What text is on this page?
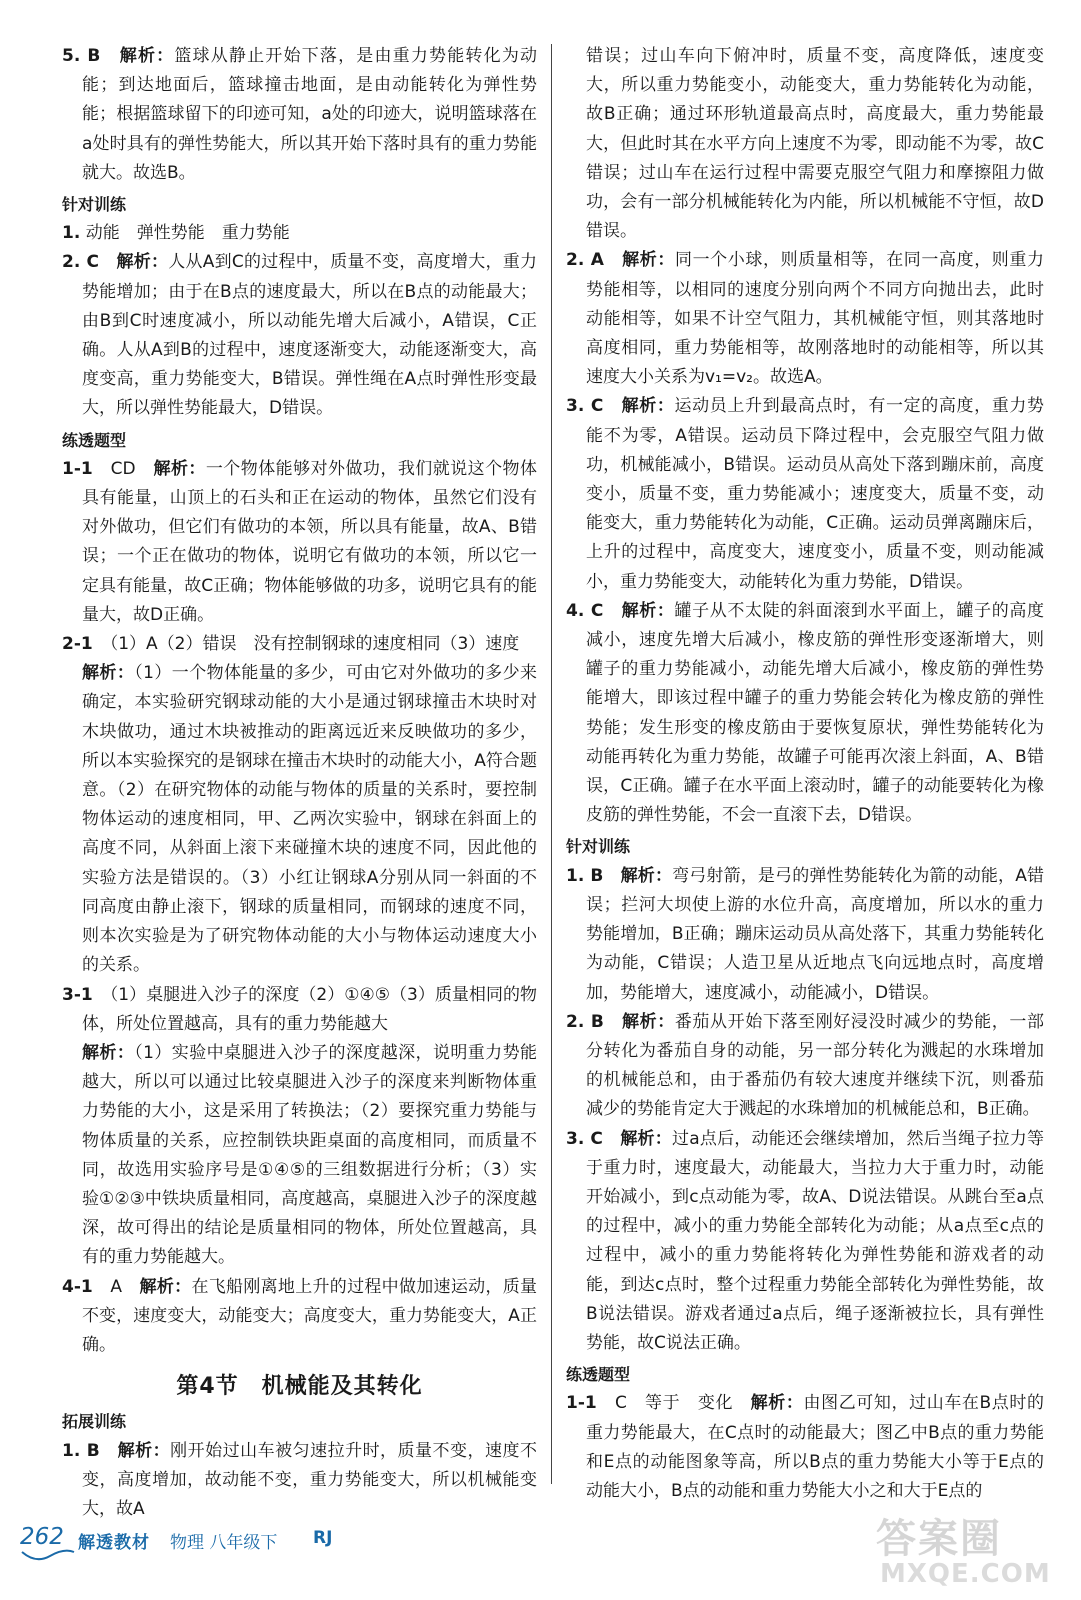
5. B　 解析：篮球从静止开始下落，是由重力势能转化为动能；到达地面后，篮球撞击地面，是由动能转化为弹性势能；根据篮球留下的印迹可知，a处的印迹大，说明篮球落在a处时具有的弹性势能大，所以其开始下落时具有的重力势能就大。故选B。

针对训练

1. 动能　弹性势能　重力势能

2. C　 解析：人从A到C的过程中，质量不变，高度增大，重力势能增加；由于在B点的速度最大，所以在B点的动能最大；由B到C时速度减小，所以动能先增大后减小，A错误，C正确。人从A到B的过程中，速度逐渐变大，动能逐渐变大，高度变高，重力势能变大，B错误。弹性绳在A点时弹性形变最大，所以弹性势能最大，D错误。

练透题型

1-1　 CD　 解析：一个物体能够对外做功，我们就说这个物体具有能量，山顶上的石头和正在运动的物体，虽然它们没有对外做功，但它们有做功的本领，所以具有能量，故A、B错误；一个正在做功的物体，说明它有做功的本领，所以它一定具有能量，故C正确；物体能够做的功多，说明它具有的能量大，故D正确。

2-1　 （1）A（2）错误　没有控制钢球的速度相同（3）速度

解析：（1）一个物体能量的多少，可由它对外做功的多少来确定，本实验研究钢球动能的大小是通过钢球撞击木块时对木块做功，通过木块被推动的距离远近来反映做功的多少，所以本实验探究的是钢球在撞击木块时的动能大小，A符合题意。（2）在研究物体的动能与物体的质量的关系时，要控制物体运动的速度相同，甲、乙两次实验中，钢球在斜面上的高度不同，从斜面上滚下来碰撞木块的速度不同，因此他的实验方法是错误的。（3）小红让钢球A分别从同一斜面的不同高度由静止滚下，钢球的质量相同，而钢球的速度不同，则本次实验是为了研究物体动能的大小与物体运动速度大小的关系。

3-1　 （1）桌腿进入沙子的深度（2）①④⑤（3）质量相同的物体，所处位置越高，具有的重力势能越大

解析：（1）实验中桌腿进入沙子的深度越深，说明重力势能越大，所以可以通过比较桌腿进入沙子的深度来判断物体重力势能的大小，这是采用了转换法；（2）要探究重力势能与物体质量的关系，应控制铁块距桌面的高度相同，而质量不同，故选用实验序号是①④⑤的三组数据进行分析；（3）实验①②③中铁块质量相同，高度越高，桌腿进入沙子的深度越深，故可得出的结论是质量相同的物体，所处位置越高，具有的重力势能越大。

4-1　 A　 解析：在飞船刚离地上升的过程中做加速运动，质量不变，速度变大，动能变大；高度变大，重力势能变大，A正确。

第4节　机械能及其转化

拓展训练

1. B　 解析：刚开始过山车被匀速拉升时，质量不变，速度不变，高度增加，故动能不变，重力势能变大，所以机械能变大，故A

错误；过山车向下俯冲时，质量不变，高度降低，速度变大，所以重力势能变小，动能变大，重力势能转化为动能，故B正确；通过环形轨道最高点时，高度最大，重力势能最大，但此时其在水平方向上速度不为零，即动能不为零，故C错误；过山车在运行过程中需要克服空气阻力和摩擦阻力做功，会有一部分机械能转化为内能，所以机械能不守恒，故D错误。

2. A　 解析：同一个小球，则质量相等，在同一高度，则重力势能相等，以相同的速度分别向两个不同方向抛出去，此时动能相等，如果不计空气阻力，其机械能守恒，则其落地时高度相同，重力势能相等，故刚落地时的动能相等，所以其速度大小关系为v₁=v₂。故选A。

3. C　 解析：运动员上升到最高点时，有一定的高度，重力势能不为零，A错误。运动员下降过程中，会克服空气阻力做功，机械能减小，B错误。运动员从高处下落到蹦床前，高度变小，质量不变，重力势能减小；速度变大，质量不变，动能变大，重力势能转化为动能，C正确。运动员弹离蹦床后，上升的过程中，高度变大，速度变小，质量不变，则动能减小，重力势能变大，动能转化为重力势能，D错误。

4. C　 解析：罐子从不太陡的斜面滚到水平面上，罐子的高度减小，速度先增大后减小，橡皮筋的弹性形变逐渐增大，则罐子的重力势能减小，动能先增大后减小，橡皮筋的弹性势能增大，即该过程中罐子的重力势能会转化为橡皮筋的弹性势能；发生形变的橡皮筋由于要恢复原状，弹性势能转化为动能再转化为重力势能，故罐子可能再次滚上斜面，A、B错误，C正确。罐子在水平面上滚动时，罐子的动能要转化为橡皮筋的弹性势能，不会一直滚下去，D错误。

针对训练

1. B　 解析：弯弓射箭，是弓的弹性势能转化为箭的动能，A错误；拦河大坝使上游的水位升高，高度增加，所以水的重力势能增加，B正确；蹦床运动员从高处落下，其重力势能转化为动能，C错误；人造卫星从近地点飞向远地点时，高度增加，势能增大，速度减小，动能减小，D错误。

2. B　 解析：番茄从开始下落至刚好浸没时减少的势能，一部分转化为番茄自身的动能，另一部分转化为溅起的水珠增加的机械能总和，由于番茄仍有较大速度并继续下沉，则番茄减少的势能肯定大于溅起的水珠增加的机械能总和，B正确。

3. C　 解析：过a点后，动能还会继续增加，然后当绳子拉力等于重力时，速度最大，动能最大，当拉力大于重力时，动能开始减小，到c点动能为零，故A、D说法错误。从跳台至a点的过程中，减小的重力势能全部转化为动能；从a点至c点的过程中，减小的重力势能将转化为弹性势能和游戏者的动能，到达c点时，整个过程重力势能全部转化为弹性势能，故B说法错误。游戏者通过a点后，绳子逐渐被拉长，具有弹性势能，故C说法正确。

练透题型

1-1　 C　等于　变化　 解析：由图乙可知，过山车在B点时的重力势能最大，在C点时的动能最大；图乙中B点的重力势能和E点的动能图象等高，所以B点的重力势能大小等于E点的动能大小，B点的动能和重力势能大小之和大于E点的

262 解透教材 物理 八年级下 RJ	答案圈
MXQE.COM
